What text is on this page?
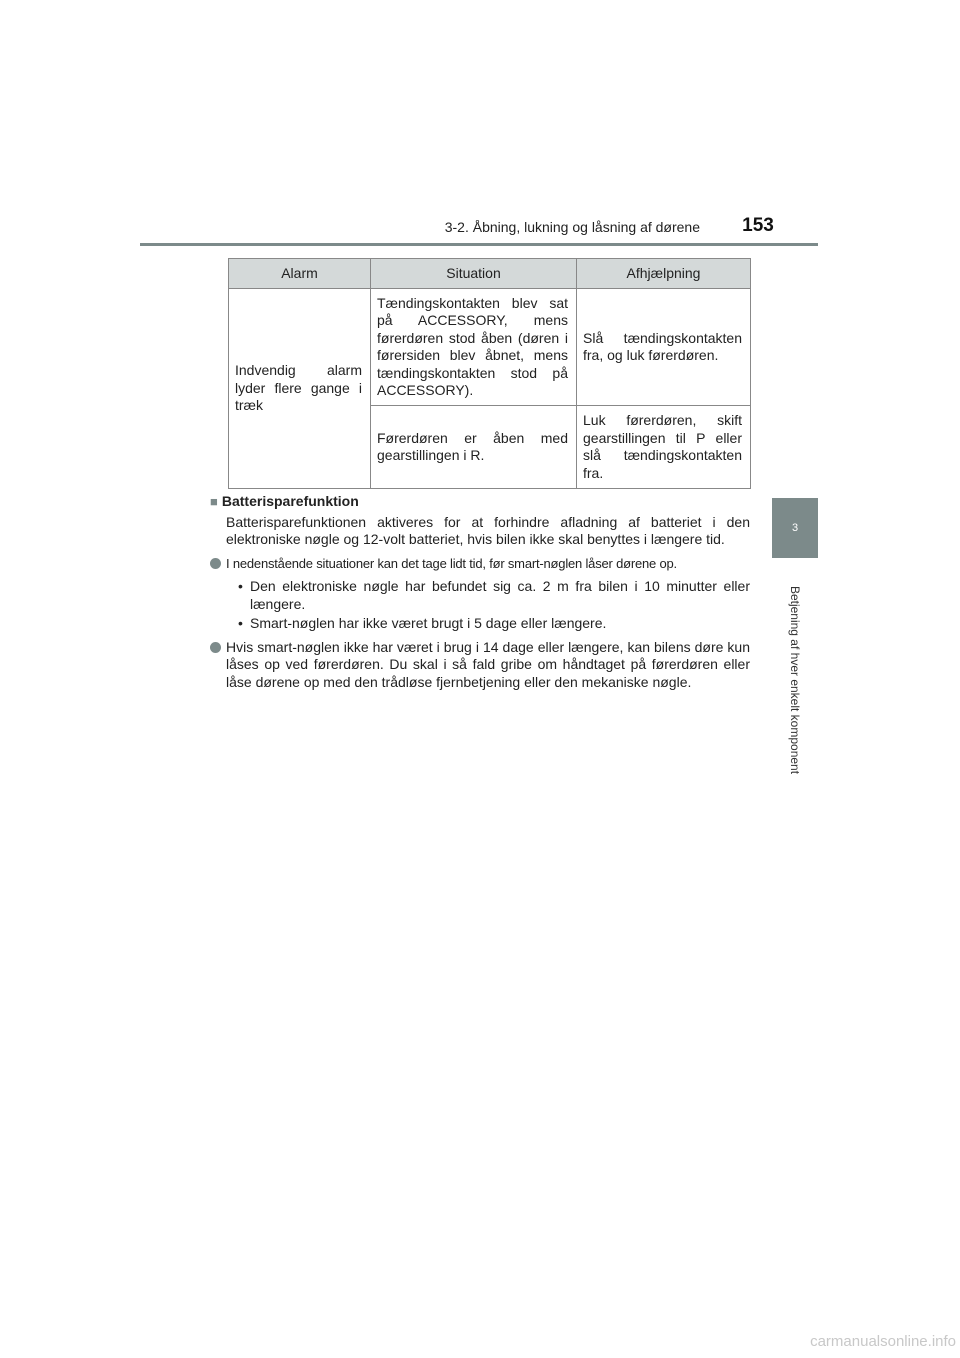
3-2. Åbning, lukning og låsning af dørene	153
3
Betjening af hver enkelt komponent
Alarm	Situation	Afhjælpning
Indvendig alarm lyder flere gange i træk	Tændingskontakten blev sat på ACCESSORY, mens førerdøren stod åben (døren i førersiden blev åbnet, mens tændingskontakten stod på ACCESSORY).	Slå tændingskontakten fra, og luk førerdøren.
	Førerdøren er åben med gearstillingen i R.	Luk førerdøren, skift gearstillingen til P eller slå tændingskontakten fra.

■ Batterisparefunktion

Batterisparefunktionen aktiveres for at forhindre afladning af batteriet i den elektroniske nøgle og 12-volt batteriet, hvis bilen ikke skal benyttes i længere tid.

I nedenstående situationer kan det tage lidt tid, før smart-nøglen låser dørene op.
• Den elektroniske nøgle har befundet sig ca. 2 m fra bilen i 10 minutter eller længere.
• Smart-nøglen har ikke været brugt i 5 dage eller længere.
Hvis smart-nøglen ikke har været i brug i 14 dage eller længere, kan bilens døre kun låses op ved førerdøren. Du skal i så fald gribe om håndtaget på førerdøren eller låse dørene op med den trådløse fjernbetjening eller den mekaniske nøgle.
carmanualsonline.info
